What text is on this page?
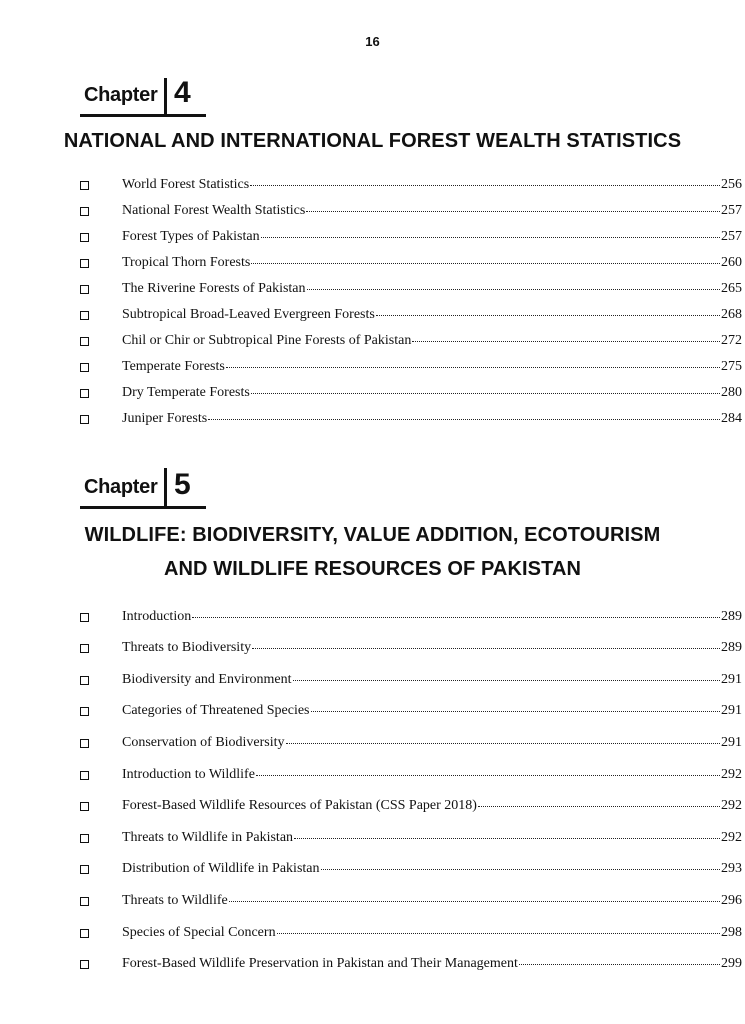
16
Chapter 4
NATIONAL AND INTERNATIONAL FOREST WEALTH STATISTICS
World Forest Statistics	256
National Forest Wealth Statistics	257
Forest Types of Pakistan	257
Tropical Thorn Forests	260
The Riverine Forests of Pakistan	265
Subtropical Broad-Leaved Evergreen Forests	268
Chil or Chir or Subtropical Pine Forests of Pakistan	272
Temperate Forests	275
Dry Temperate Forests	280
Juniper Forests	284
Chapter 5
WILDLIFE: BIODIVERSITY, VALUE ADDITION, ECOTOURISM
AND WILDLIFE RESOURCES OF PAKISTAN
Introduction	289
Threats to Biodiversity	289
Biodiversity and Environment	291
Categories of Threatened Species	291
Conservation of Biodiversity	291
Introduction to Wildlife	292
Forest-Based Wildlife Resources of Pakistan (CSS Paper 2018)	292
Threats to Wildlife in Pakistan	292
Distribution of Wildlife in Pakistan	293
Threats to Wildlife	296
Species of Special Concern	298
Forest-Based Wildlife Preservation in Pakistan and Their Management	299
